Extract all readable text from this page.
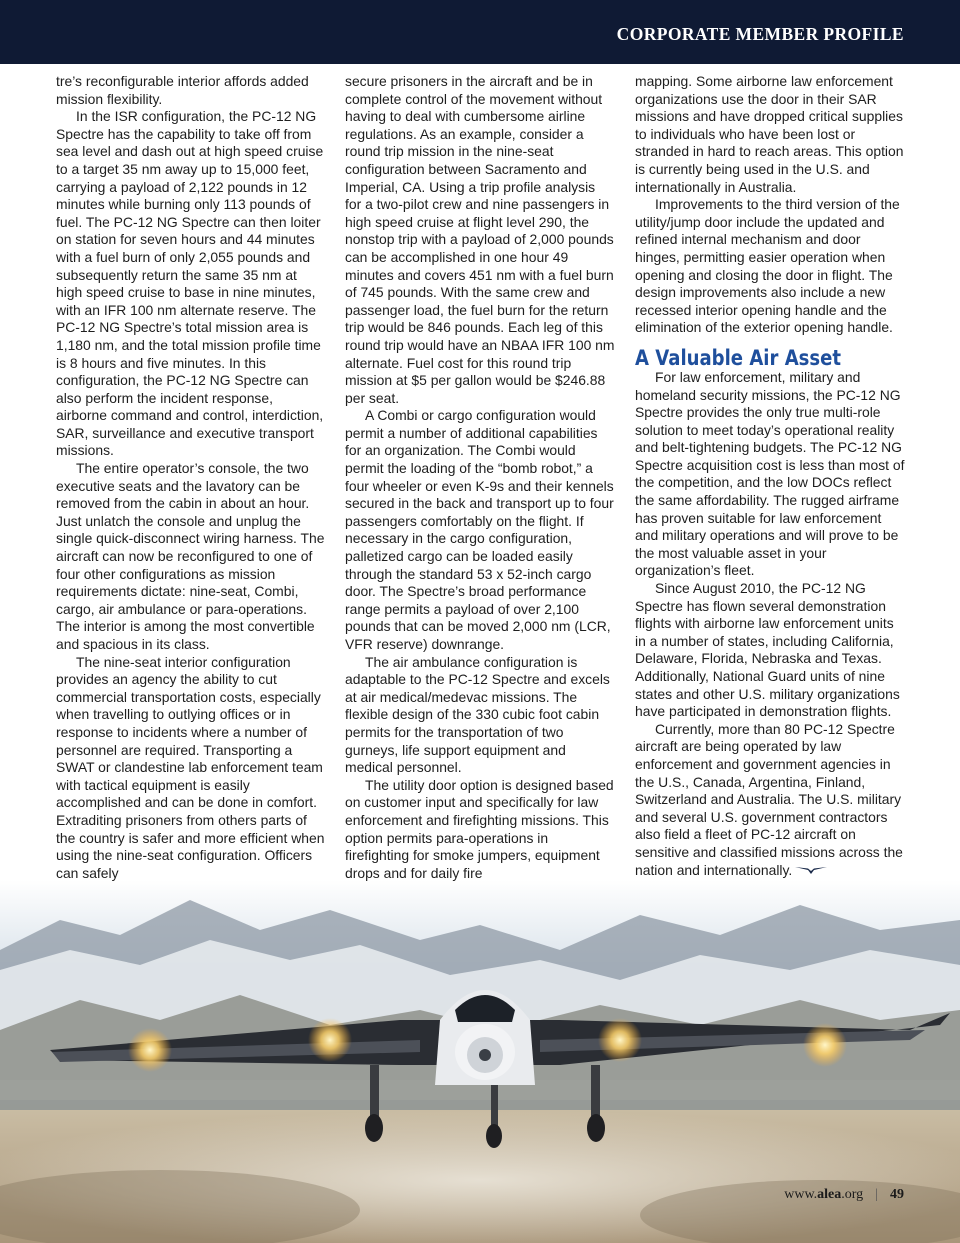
CORPORATE MEMBER PROFILE

tre’s reconfigurable interior affords added mission flexibility.

In the ISR configuration, the PC-12 NG Spectre has the capability to take off from sea level and dash out at high speed cruise to a target 35 nm away up to 15,000 feet, carrying a payload of 2,122 pounds in 12 minutes while burning only 113 pounds of fuel. The PC-12 NG Spectre can then loiter on station for seven hours and 44 minutes with a fuel burn of only 2,055 pounds and subsequently return the same 35 nm at high speed cruise to base in nine minutes, with an IFR 100 nm alternate reserve. The PC-12 NG Spectre’s total mission area is 1,180 nm, and the total mission profile time is 8 hours and five minutes. In this configuration, the PC-12 NG Spectre can also perform the incident response, airborne command and control, interdiction, SAR, surveillance and executive transport missions.

The entire operator’s console, the two executive seats and the lavatory can be removed from the cabin in about an hour. Just unlatch the console and unplug the single quick-disconnect wiring harness. The aircraft can now be reconfigured to one of four other configurations as mission requirements dictate: nine-seat, Combi, cargo, air ambulance or para-operations. The interior is among the most convertible and spacious in its class.

The nine-seat interior configuration provides an agency the ability to cut commercial transportation costs, especially when travelling to outlying offices or in response to incidents where a number of personnel are required. Transporting a SWAT or clandestine lab enforcement team with tactical equipment is easily accomplished and can be done in comfort. Extraditing prisoners from others parts of the country is safer and more efficient when using the nine-seat configuration. Officers can safely

secure prisoners in the aircraft and be in complete control of the movement without having to deal with cumbersome airline regulations. As an example, consider a round trip mission in the nine-seat configuration between Sacramento and Imperial, CA. Using a trip profile analysis for a two-pilot crew and nine passengers in high speed cruise at flight level 290, the nonstop trip with a payload of 2,000 pounds can be accomplished in one hour 49 minutes and covers 451 nm with a fuel burn of 745 pounds. With the same crew and passenger load, the fuel burn for the return trip would be 846 pounds. Each leg of this round trip would have an NBAA IFR 100 nm alternate. Fuel cost for this round trip mission at $5 per gallon would be $246.88 per seat.

A Combi or cargo configuration would permit a number of additional capabilities for an organization. The Combi would permit the loading of the “bomb robot,” a four wheeler or even K-9s and their kennels secured in the back and transport up to four passengers comfortably on the flight. If necessary in the cargo configuration, palletized cargo can be loaded easily through the standard 53 x 52-inch cargo door. The Spectre’s broad performance range permits a payload of over 2,100 pounds that can be moved 2,000 nm (LCR, VFR reserve) downrange.

The air ambulance configuration is adaptable to the PC-12 Spectre and excels at air medical/medevac missions. The flexible design of the 330 cubic foot cabin permits for the transportation of two gurneys, life support equipment and medical personnel.

The utility door option is designed based on customer input and specifically for law enforcement and firefighting missions. This option permits para-operations in firefighting for smoke jumpers, equipment drops and for daily fire

mapping. Some airborne law enforcement organizations use the door in their SAR missions and have dropped critical supplies to individuals who have been lost or stranded in hard to reach areas. This option is currently being used in the U.S. and internationally in Australia.

Improvements to the third version of the utility/jump door include the updated and refined internal mechanism and door hinges, permitting easier operation when opening and closing the door in flight. The design improvements also include a new recessed interior opening handle and the elimination of the exterior opening handle.

A Valuable Air Asset

For law enforcement, military and homeland security missions, the PC-12 NG Spectre provides the only true multi-role solution to meet today’s operational reality and belt-tightening budgets. The PC-12 NG Spectre acquisition cost is less than most of the competition, and the low DOCs reflect the same affordability. The rugged airframe has proven suitable for law enforcement and military operations and will prove to be the most valuable asset in your organization’s fleet.

Since August 2010, the PC-12 NG Spectre has flown several demonstration flights with airborne law enforcement units in a number of states, including California, Delaware, Florida, Nebraska and Texas. Additionally, National Guard units of nine states and other U.S. military organizations have participated in demonstration flights.

Currently, more than 80 PC-12 Spectre aircraft are being operated by law enforcement and government agencies in the U.S., Canada, Argentina, Finland, Switzerland and Australia. The U.S. military and several U.S. government contractors also field a fleet of PC-12 aircraft on sensitive and classified missions across the nation and internationally.

www.alea.org | 49
